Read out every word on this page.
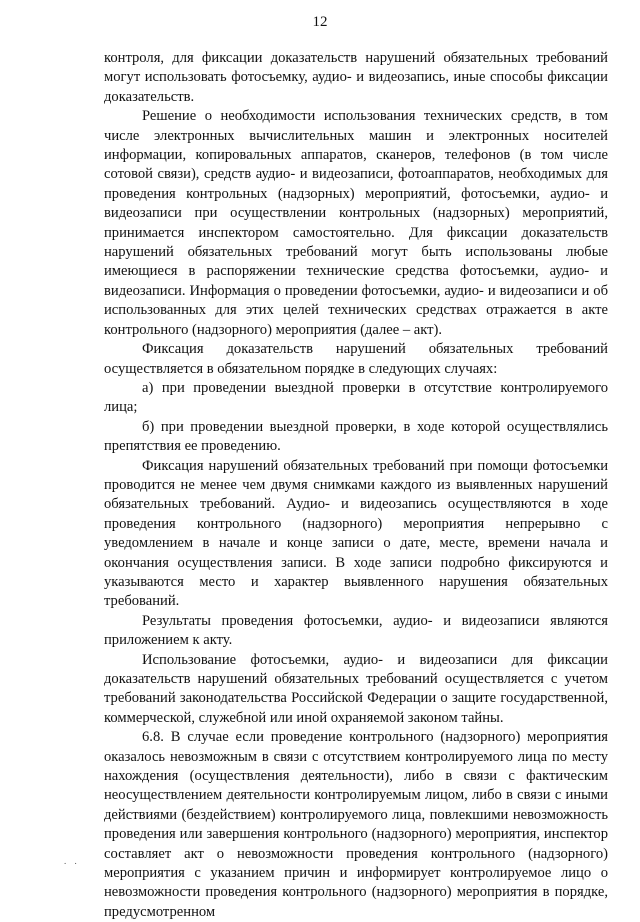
12

контроля, для фиксации доказательств нарушений обязательных требований могут использовать фотосъемку, аудио- и видеозапись, иные способы фиксации доказательств.

Решение о необходимости использования технических средств, в том числе электронных вычислительных машин и электронных носителей информации, копировальных аппаратов, сканеров, телефонов (в том числе сотовой связи), средств аудио- и видеозаписи, фотоаппаратов, необходимых для проведения контрольных (надзорных) мероприятий, фотосъемки, аудио- и видеозаписи при осуществлении контрольных (надзорных) мероприятий, принимается инспектором самостоятельно. Для фиксации доказательств нарушений обязательных требований могут быть использованы любые имеющиеся в распоряжении технические средства фотосъемки, аудио- и видеозаписи. Информация о проведении фотосъемки, аудио- и видеозаписи и об использованных для этих целей технических средствах отражается в акте контрольного (надзорного) мероприятия (далее – акт).

Фиксация доказательств нарушений обязательных требований осуществляется в обязательном порядке в следующих случаях:

а) при проведении выездной проверки в отсутствие контролируемого лица;

б) при проведении выездной проверки, в ходе которой осуществлялись препятствия ее проведению.

Фиксация нарушений обязательных требований при помощи фотосъемки проводится не менее чем двумя снимками каждого из выявленных нарушений обязательных требований. Аудио- и видеозапись осуществляются в ходе проведения контрольного (надзорного) мероприятия непрерывно с уведомлением в начале и конце записи о дате, месте, времени начала и окончания осуществления записи. В ходе записи подробно фиксируются и указываются место и характер выявленного нарушения обязательных требований.

Результаты проведения фотосъемки, аудио- и видеозаписи являются приложением к акту.

Использование фотосъемки, аудио- и видеозаписи для фиксации доказательств нарушений обязательных требований осуществляется с учетом требований законодательства Российской Федерации о защите государственной, коммерческой, служебной или иной охраняемой законом тайны.

6.8. В случае если проведение контрольного (надзорного) мероприятия оказалось невозможным в связи с отсутствием контролируемого лица по месту нахождения (осуществления деятельности), либо в связи с фактическим неосуществлением деятельности контролируемым лицом, либо в связи с иными действиями (бездействием) контролируемого лица, повлекшими невозможность проведения или завершения контрольного (надзорного) мероприятия, инспектор составляет акт о невозможности проведения контрольного (надзорного) мероприятия с указанием причин и информирует контролируемое лицо о невозможности проведения контрольного (надзорного) мероприятия в порядке, предусмотренном

. .
